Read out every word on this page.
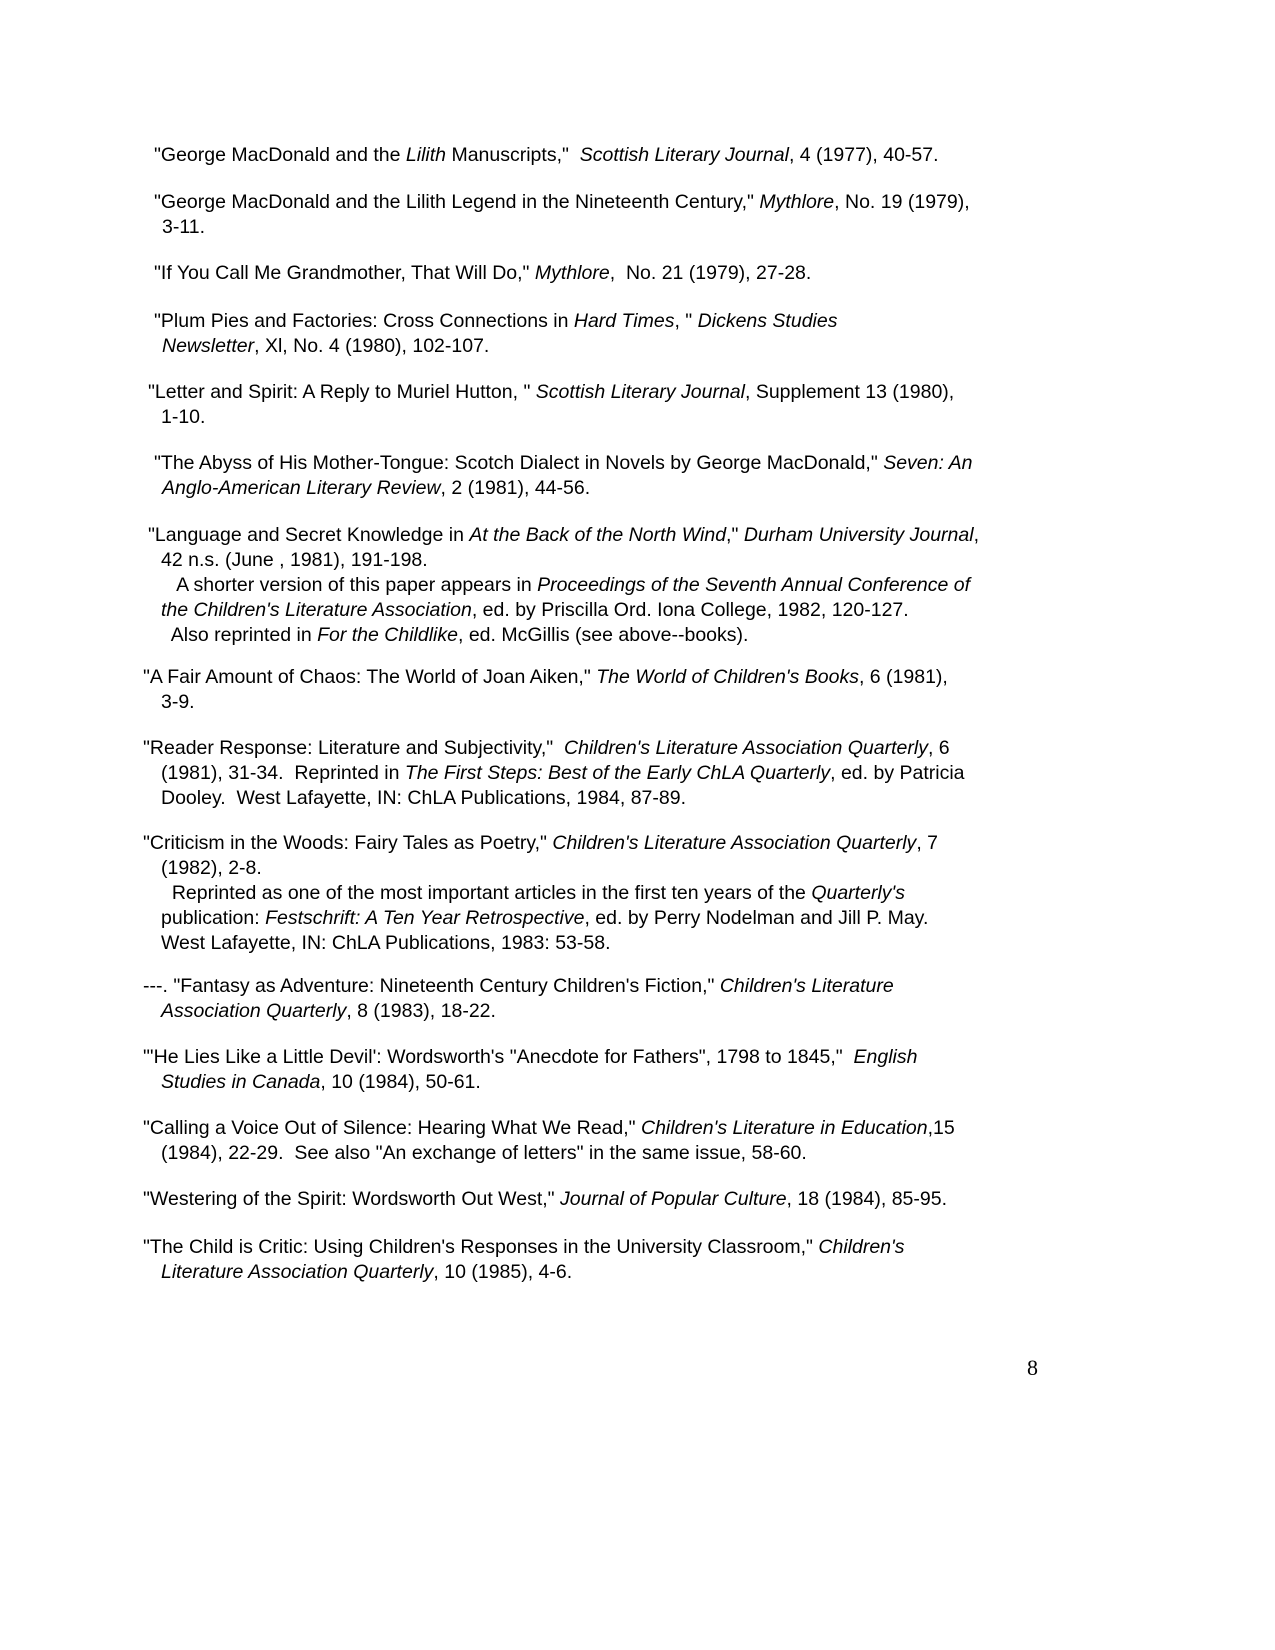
"George MacDonald and the Lilith Manuscripts,"  Scottish Literary Journal, 4 (1977), 40-57.

"George MacDonald and the Lilith Legend in the Nineteenth Century," Mythlore, No. 19 (1979),

3-11.

"If You Call Me Grandmother, That Will Do," Mythlore,  No. 21 (1979), 27-28.

"Plum Pies and Factories: Cross Connections in Hard Times, " Dickens Studies

Newsletter, Xl, No. 4 (1980), 102-107.

"Letter and Spirit: A Reply to Muriel Hutton, " Scottish Literary Journal, Supplement 13 (1980),

1-10.

"The Abyss of His Mother-Tongue: Scotch Dialect in Novels by George MacDonald," Seven: An

Anglo-American Literary Review, 2 (1981), 44-56.

"Language and Secret Knowledge in At the Back of the North Wind," Durham University Journal,

42 n.s. (June , 1981), 191-198.

A shorter version of this paper appears in Proceedings of the Seventh Annual Conference of

the Children's Literature Association, ed. by Priscilla Ord. Iona College, 1982, 120-127.

Also reprinted in For the Childlike, ed. McGillis (see above--books).

"A Fair Amount of Chaos: The World of Joan Aiken," The World of Children's Books, 6 (1981),

3-9.

"Reader Response: Literature and Subjectivity,"  Children's Literature Association Quarterly, 6

(1981), 31-34.  Reprinted in The First Steps: Best of the Early ChLA Quarterly, ed. by Patricia

Dooley.  West Lafayette, IN: ChLA Publications, 1984, 87-89.

"Criticism in the Woods: Fairy Tales as Poetry," Children's Literature Association Quarterly, 7

(1982), 2-8.

Reprinted as one of the most important articles in the first ten years of the Quarterly's

publication: Festschrift: A Ten Year Retrospective, ed. by Perry Nodelman and Jill P. May.

West Lafayette, IN: ChLA Publications, 1983: 53-58.

---. "Fantasy as Adventure: Nineteenth Century Children's Fiction," Children's Literature

Association Quarterly, 8 (1983), 18-22.

"'He Lies Like a Little Devil': Wordsworth's "Anecdote for Fathers", 1798 to 1845,"  English

Studies in Canada, 10 (1984), 50-61.

"Calling a Voice Out of Silence: Hearing What We Read," Children's Literature in Education,15

(1984), 22-29.  See also "An exchange of letters" in the same issue, 58-60.

"Westering of the Spirit: Wordsworth Out West," Journal of Popular Culture, 18 (1984), 85-95.

"The Child is Critic: Using Children's Responses in the University Classroom," Children's

Literature Association Quarterly, 10 (1985), 4-6.

8
